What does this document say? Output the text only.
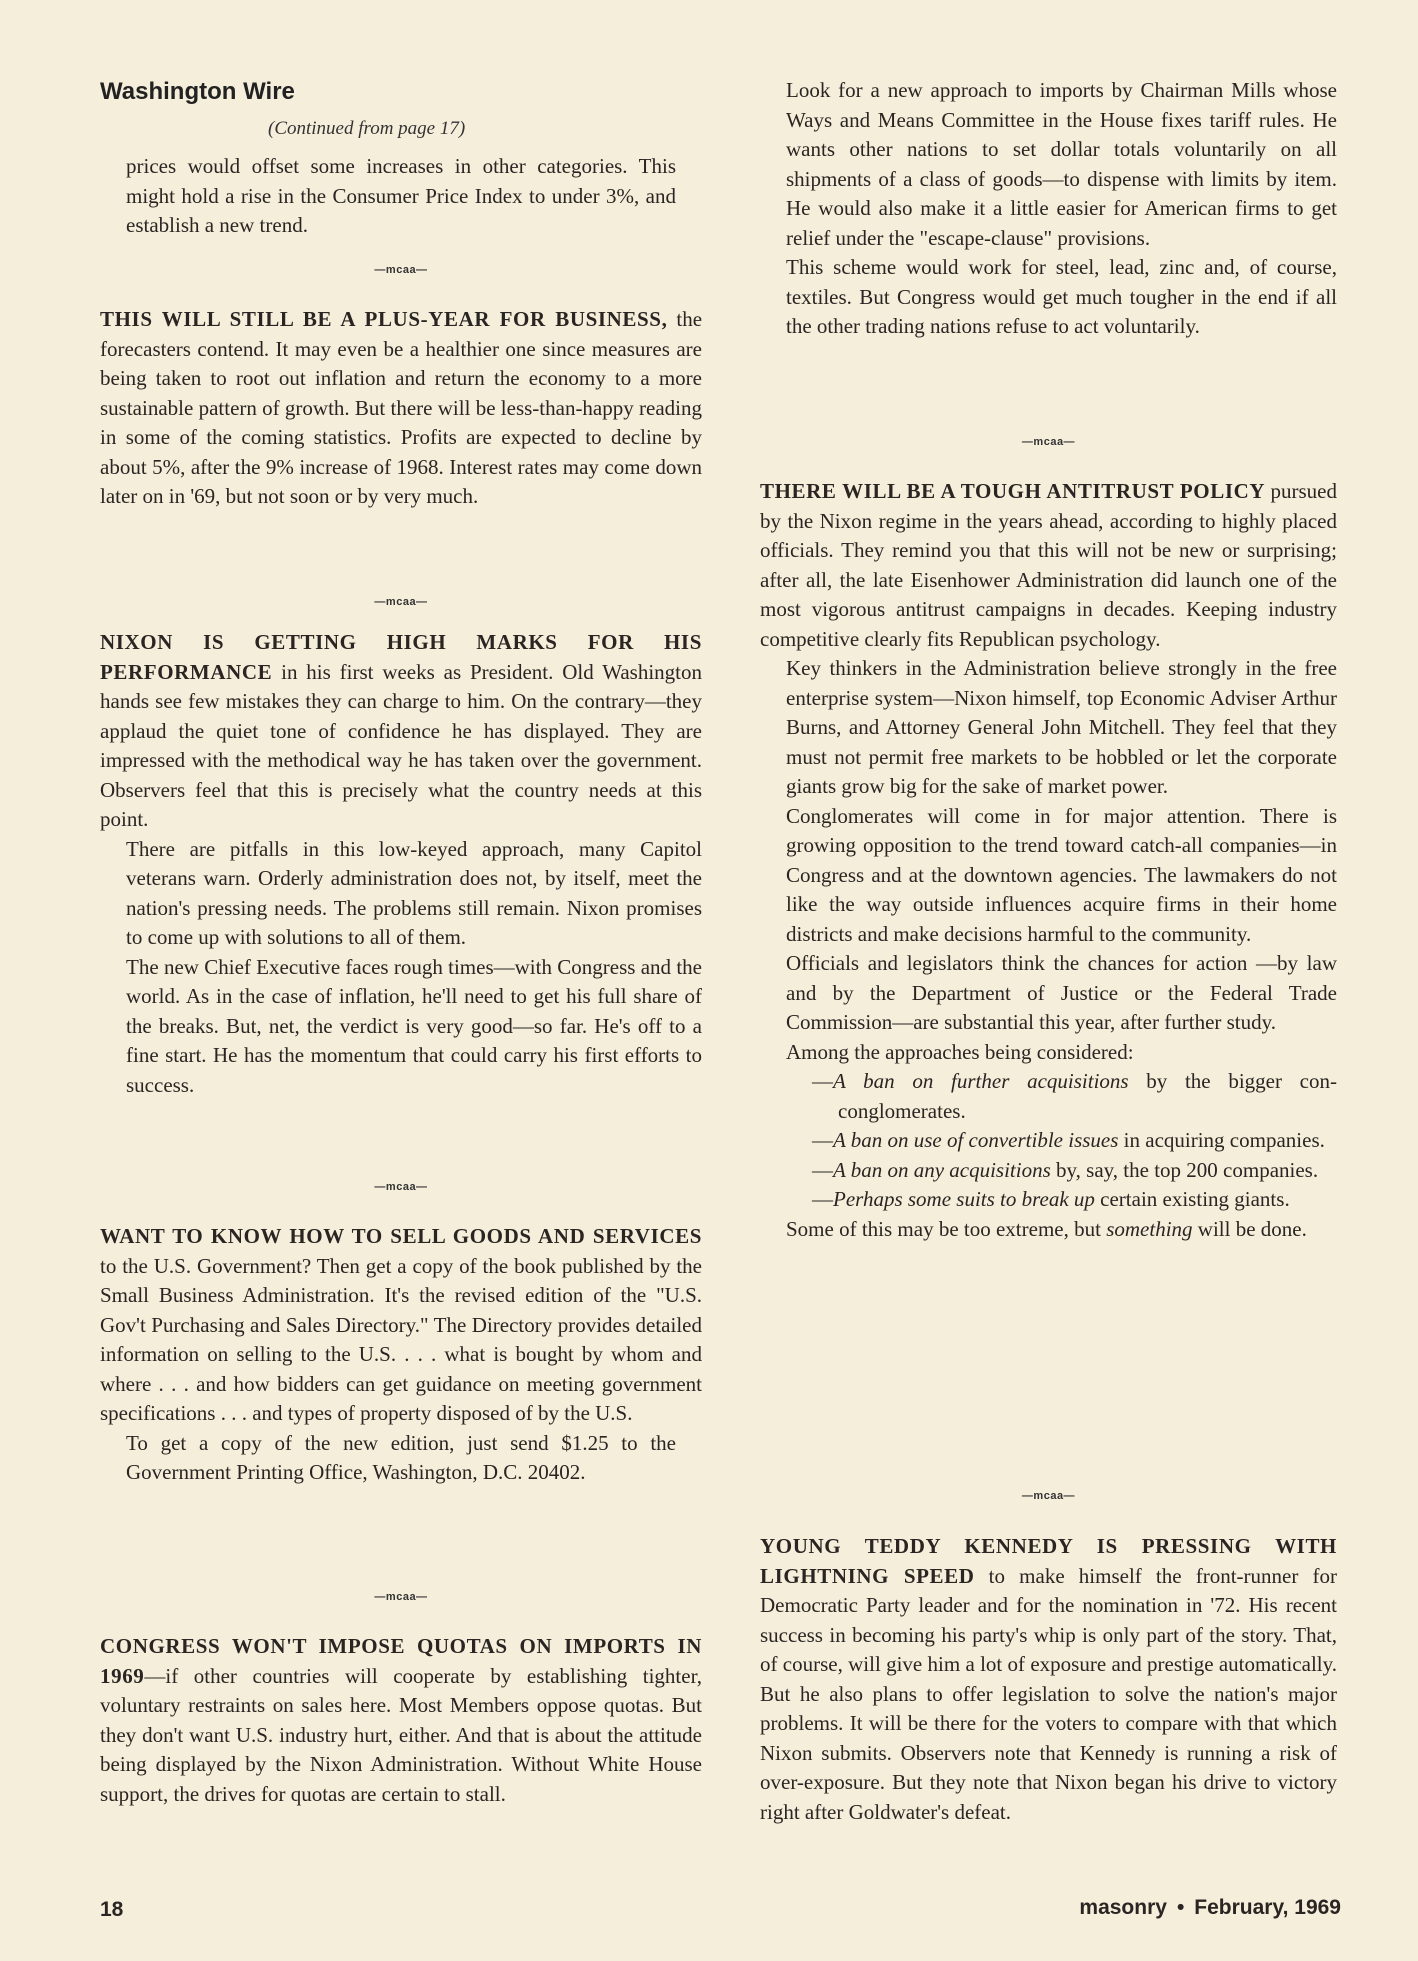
Washington Wire
(Continued from page 17)

prices would offset some increases in other categories. This might hold a rise in the Consumer Price Index to under 3%, and establish a new trend.

—mcaa—

THIS WILL STILL BE A PLUS-YEAR FOR BUSINESS, the forecasters contend. It may even be a healthier one since measures are being taken to root out inflation and return the economy to a more sustainable pattern of growth. But there will be less-than-happy reading in some of the coming statistics. Profits are expected to decline by about 5%, after the 9% increase of 1968. Interest rates may come down later on in '69, but not soon or by very much.

—mcaa—

NIXON IS GETTING HIGH MARKS FOR HIS PERFORMANCE in his first weeks as President. Old Washington hands see few mistakes they can charge to him. On the contrary—they applaud the quiet tone of confidence he has displayed. They are impressed with the methodical way he has taken over the government. Observers feel that this is precisely what the country needs at this point.

There are pitfalls in this low-keyed approach, many Capitol veterans warn. Orderly administration does not, by itself, meet the nation's pressing needs. The problems still remain. Nixon promises to come up with solutions to all of them.

The new Chief Executive faces rough times—with Congress and the world. As in the case of inflation, he'll need to get his full share of the breaks. But, net, the verdict is very good—so far. He's off to a fine start. He has the momentum that could carry his first efforts to success.

—mcaa—

WANT TO KNOW HOW TO SELL GOODS AND SERVICES to the U.S. Government? Then get a copy of the book published by the Small Business Administration. It's the revised edition of the "U.S. Gov't Purchasing and Sales Directory." The Directory provides detailed information on selling to the U.S. . . . what is bought by whom and where . . . and how bidders can get guidance on meeting government specifications . . . and types of property disposed of by the U.S.

To get a copy of the new edition, just send $1.25 to the Government Printing Office, Washington, D.C. 20402.

—mcaa—

CONGRESS WON'T IMPOSE QUOTAS ON IMPORTS IN 1969—if other countries will cooperate by establishing tighter, voluntary restraints on sales here. Most Members oppose quotas. But they don't want U.S. industry hurt, either. And that is about the attitude being displayed by the Nixon Administration. Without White House support, the drives for quotas are certain to stall.

Look for a new approach to imports by Chairman Mills whose Ways and Means Committee in the House fixes tariff rules. He wants other nations to set dollar totals voluntarily on all shipments of a class of goods—to dispense with limits by item. He would also make it a little easier for American firms to get relief under the "escape-clause" provisions.

This scheme would work for steel, lead, zinc and, of course, textiles. But Congress would get much tougher in the end if all the other trading nations refuse to act voluntarily.

—mcaa—

THERE WILL BE A TOUGH ANTITRUST POLICY pursued by the Nixon regime in the years ahead, according to highly placed officials. They remind you that this will not be new or surprising; after all, the late Eisenhower Administration did launch one of the most vigorous antitrust campaigns in decades. Keeping industry competitive clearly fits Republican psychology.

Key thinkers in the Administration believe strongly in the free enterprise system—Nixon himself, top Economic Adviser Arthur Burns, and Attorney General John Mitchell. They feel that they must not permit free markets to be hobbled or let the corporate giants grow big for the sake of market power.

Conglomerates will come in for major attention. There is growing opposition to the trend toward catch-all companies—in Congress and at the downtown agencies. The lawmakers do not like the way outside influences acquire firms in their home districts and make decisions harmful to the community.

Officials and legislators think the chances for action —by law and by the Department of Justice or the Federal Trade Commission—are substantial this year, after further study.

Among the approaches being considered:

—A ban on further acquisitions by the bigger con-conglomerates.

—A ban on use of convertible issues in acquiring companies.

—A ban on any acquisitions by, say, the top 200 companies.

—Perhaps some suits to break up certain existing giants.

Some of this may be too extreme, but something will be done.

—mcaa—

YOUNG TEDDY KENNEDY IS PRESSING WITH LIGHTNING SPEED to make himself the front-runner for Democratic Party leader and for the nomination in '72. His recent success in becoming his party's whip is only part of the story. That, of course, will give him a lot of exposure and prestige automatically. But he also plans to offer legislation to solve the nation's major problems. It will be there for the voters to compare with that which Nixon submits. Observers note that Kennedy is running a risk of over-exposure. But they note that Nixon began his drive to victory right after Goldwater's defeat.

18	masonry • February, 1969
